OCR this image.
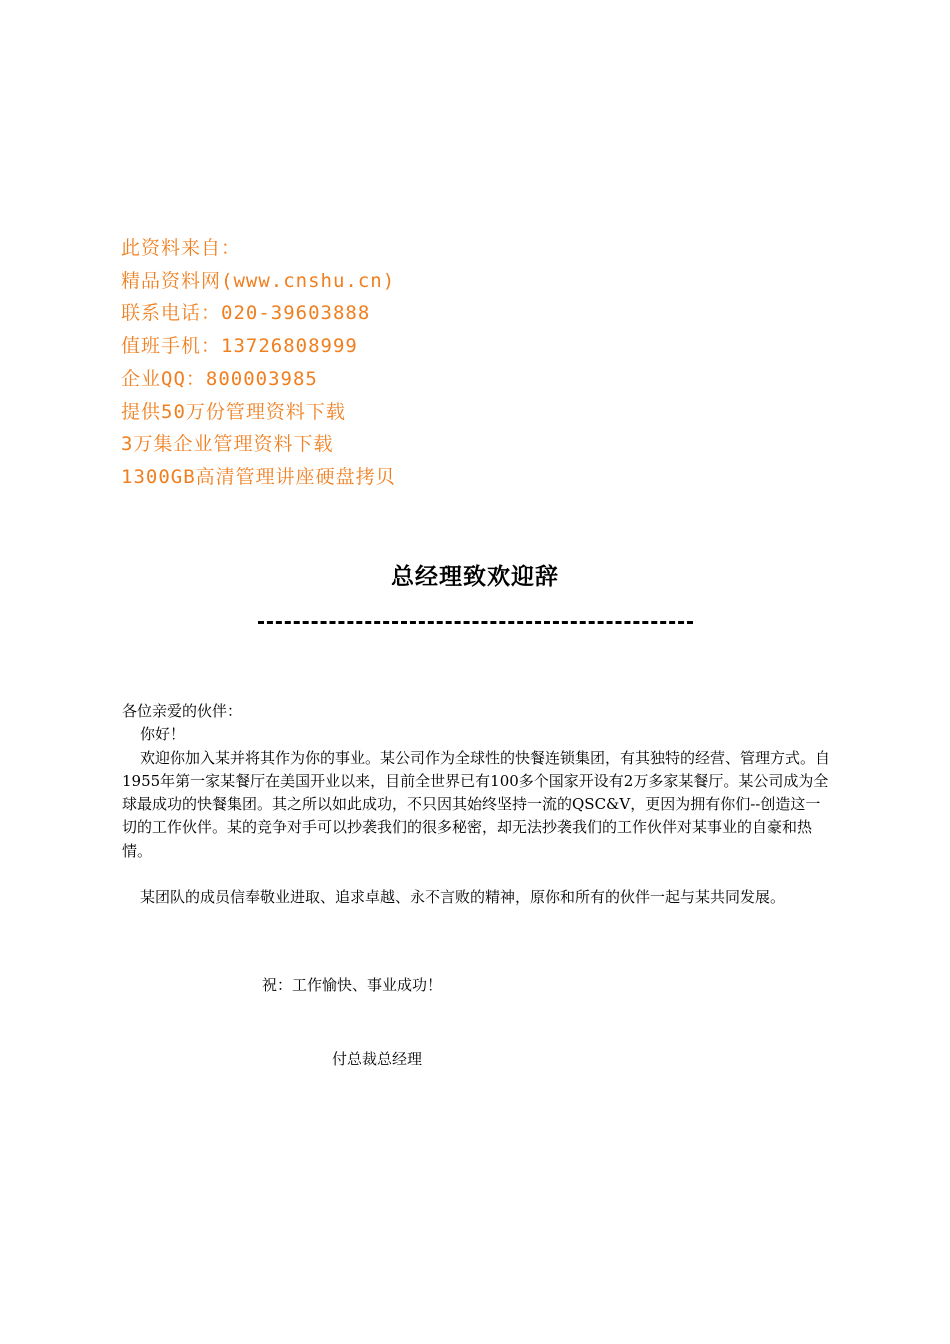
此资料来自：
精品资料网(www.cnshu.cn)
联系电话：020-39603888
值班手机：13726808999
企业QQ：800003985
提供50万份管理资料下载
3万集企业管理资料下载
1300GB高清管理讲座硬盘拷贝
总经理致欢迎辞

各位亲爱的伙伴：

你好！

欢迎你加入某并将其作为你的事业。某公司作为全球性的快餐连锁集团，有其独特的经营、管理方式。自1955年第一家某餐厅在美国开业以来，目前全世界已有100多个国家开设有2万多家某餐厅。某公司成为全球最成功的快餐集团。其之所以如此成功，不只因其始终坚持一流的QSC&V，更因为拥有你们--创造这一切的工作伙伴。某的竞争对手可以抄袭我们的很多秘密，却无法抄袭我们的工作伙伴对某事业的自豪和热情。

某团队的成员信奉敬业进取、追求卓越、永不言败的精神，原你和所有的伙伴一起与某共同发展。

祝：工作愉快、事业成功！
付总裁总经理
